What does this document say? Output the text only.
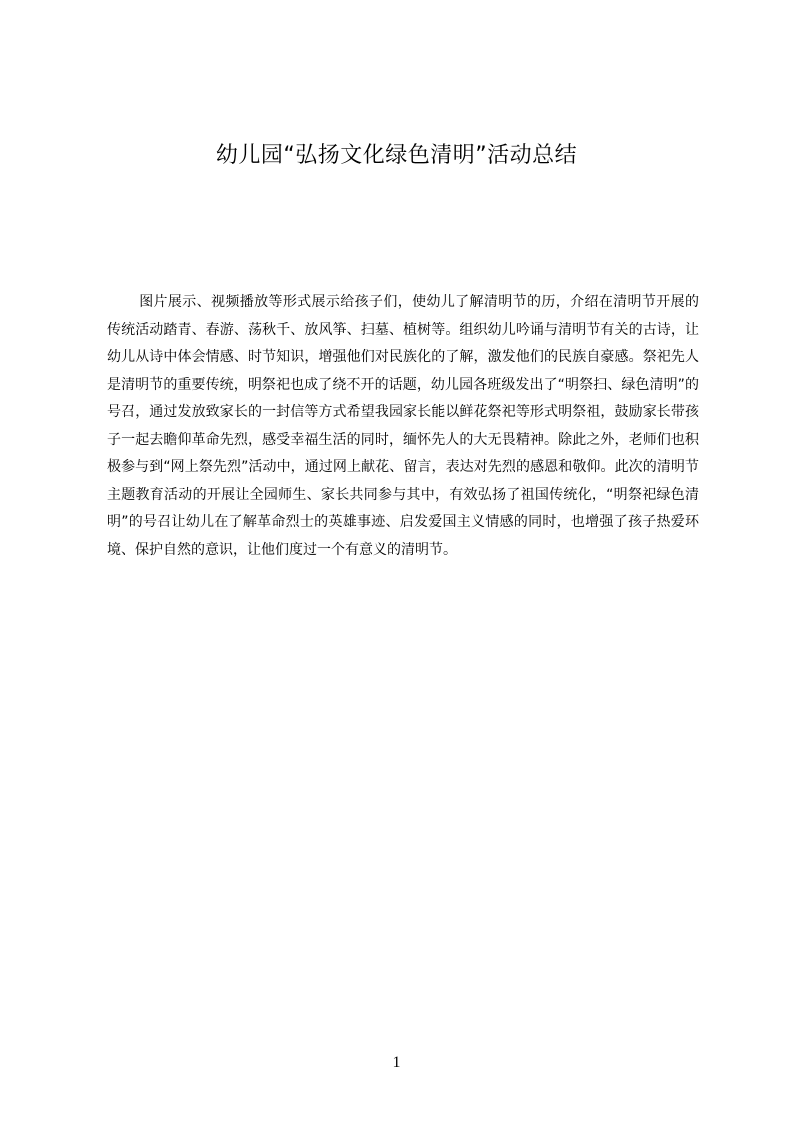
幼儿园“弘扬文化绿色清明”活动总结

图片展示、视频播放等形式展示给孩子们，使幼儿了解清明节的历，介绍在清明节开展的传统活动踏青、春游、荡秋千、放风筝、扫墓、植树等。组织幼儿吟诵与清明节有关的古诗，让幼儿从诗中体会情感、时节知识，增强他们对民族化的了解，激发他们的民族自豪感。祭祀先人是清明节的重要传统，明祭祀也成了绕不开的话题，幼儿园各班级发出了“明祭扫、绿色清明”的号召，通过发放致家长的一封信等方式希望我园家长能以鲜花祭祀等形式明祭祖，鼓励家长带孩子一起去瞻仰革命先烈，感受幸福生活的同时，缅怀先人的大无畏精神。除此之外，老师们也积极参与到“网上祭先烈”活动中，通过网上献花、留言，表达对先烈的感恩和敬仰。此次的清明节主题教育活动的开展让全园师生、家长共同参与其中，有效弘扬了祖国传统化，“明祭祀绿色清明”的号召让幼儿在了解革命烈士的英雄事迹、启发爱国主义情感的同时，也增强了孩子热爱环境、保护自然的意识，让他们度过一个有意义的清明节。

1
